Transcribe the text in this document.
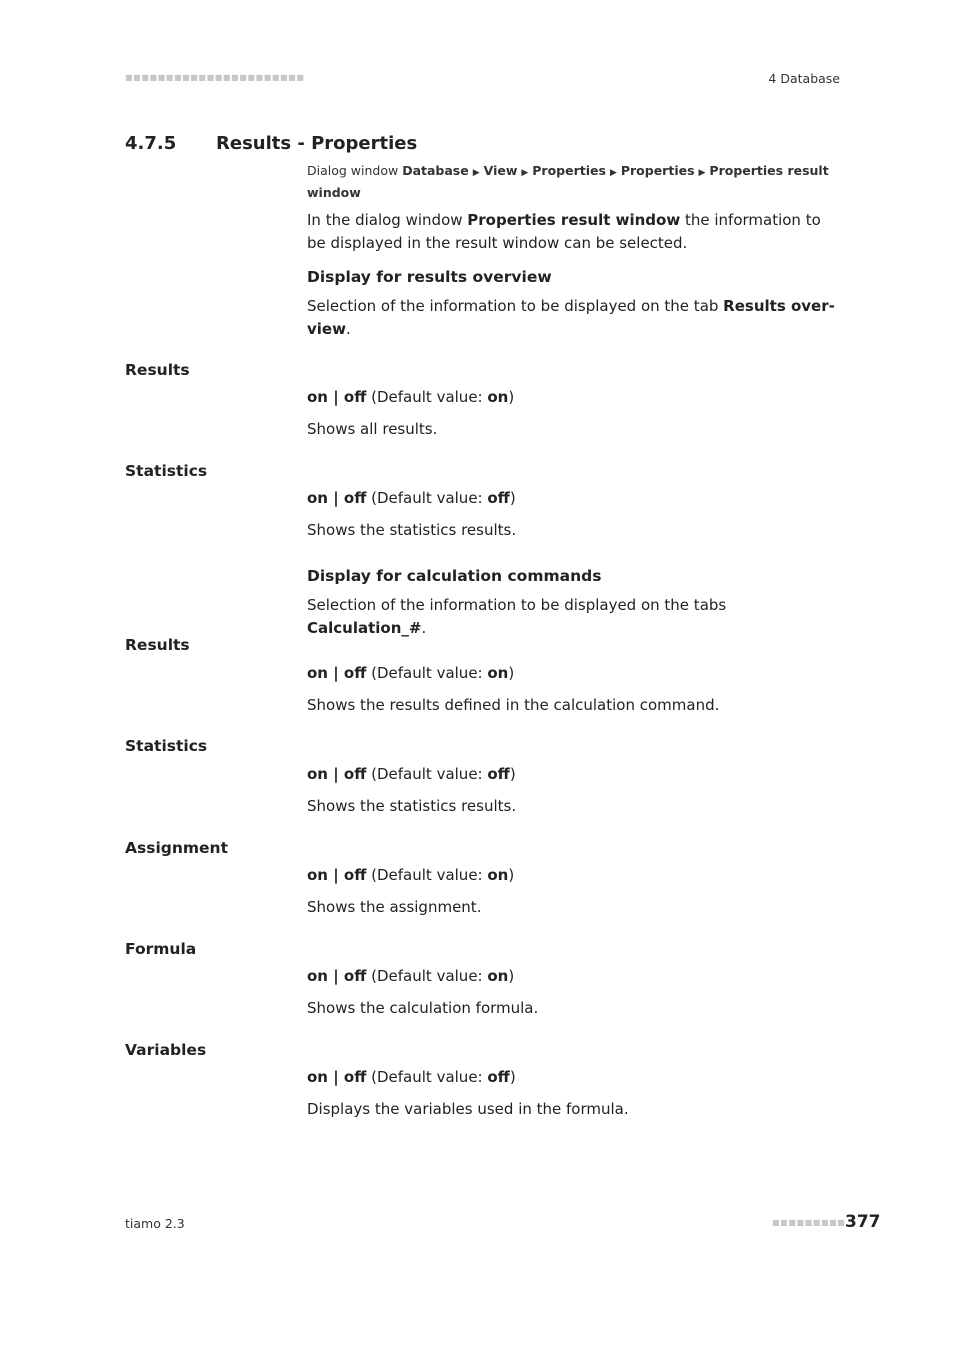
■■■■■■■■■■■■■■■■■■■■■■	4 Database
4.7.5 Results - Properties
Dialog window Database ▶ View ▶ Properties ▶ Properties ▶ Properties result window
In the dialog window Properties result window the information to be displayed in the result window can be selected.
Display for results overview
Selection of the information to be displayed on the tab Results over-view.
Display for calculation commands
Selection of the information to be displayed on the tabs Calculation_#.
Results
on | off (Default value: on)
Shows all results.
Statistics
on | off (Default value: off)
Shows the statistics results.
Results
on | off (Default value: on)
Shows the results defined in the calculation command.
Statistics
on | off (Default value: off)
Shows the statistics results.
Assignment
on | off (Default value: on)
Shows the assignment.
Formula
on | off (Default value: on)
Shows the calculation formula.
Variables
on | off (Default value: off)
Displays the variables used in the formula.
tiamo 2.3	■■■■■■■■■ 377
